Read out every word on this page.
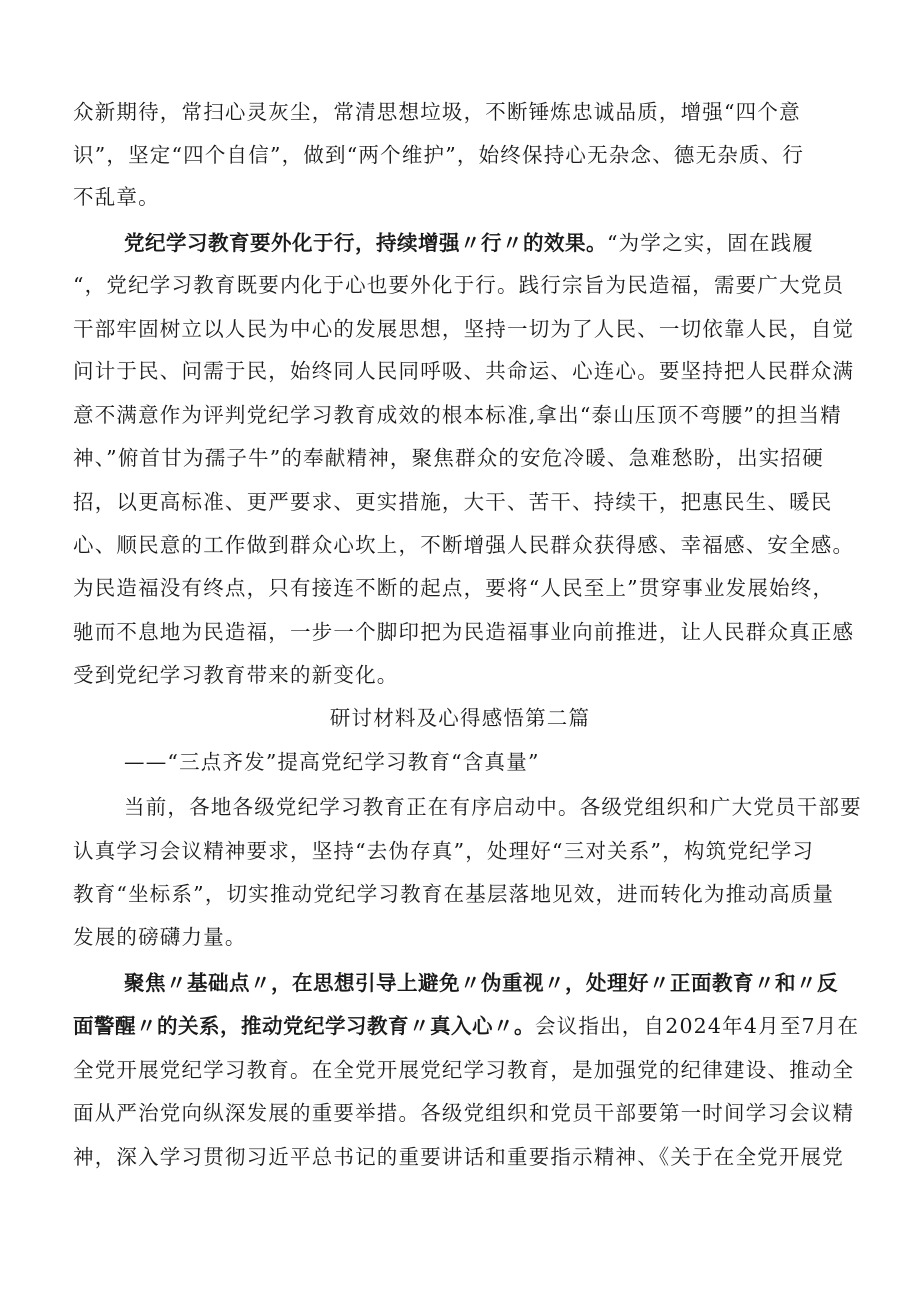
众新期待，常扫心灵灰尘，常清思想垃圾，不断锤炼忠诚品质，增强“四个意
识”，坚定“四个自信”，做到“两个维护”，始终保持心无杂念、德无杂质、行
不乱章。
党纪学习教育要外化于行，持续增强〃行〃的效果。“为学之实，固在践履
“，党纪学习教育既要内化于心也要外化于行。践行宗旨为民造福，需要广大党员
干部牢固树立以人民为中心的发展思想，坚持一切为了人民、一切依靠人民，自觉
问计于民、问需于民，始终同人民同呼吸、共命运、心连心。要坚持把人民群众满
意不满意作为评判党纪学习教育成效的根本标准,拿出“泰山压顶不弯腰”的担当精
神、”俯首甘为孺子牛”的奉献精神，聚焦群众的安危冷暖、急难愁盼，出实招硬
招，以更高标准、更严要求、更实措施，大干、苦干、持续干，把惠民生、暖民
心、顺民意的工作做到群众心坎上，不断增强人民群众获得感、幸福感、安全感。
为民造福没有终点，只有接连不断的起点，要将“人民至上”贯穿事业发展始终，
驰而不息地为民造福，一步一个脚印把为民造福事业向前推进，让人民群众真正感
受到党纪学习教育带来的新变化。
研讨材料及心得感悟第二篇
——“三点齐发”提高党纪学习教育“含真量”
当前，各地各级党纪学习教育正在有序启动中。各级党组织和广大党员干部要
认真学习会议精神要求，坚持“去伪存真”，处理好“三对关系”，构筑党纪学习
教育“坐标系”，切实推动党纪学习教育在基层落地见效，进而转化为推动高质量
发展的磅礴力量。
聚焦〃基础点〃，在思想引导上避免〃伪重视〃，处理好〃正面教育〃和〃反
面警醒〃的关系，推动党纪学习教育〃真入心〃。会议指出，自2024年4月至7月在
全党开展党纪学习教育。在全党开展党纪学习教育，是加强党的纪律建设、推动全
面从严治党向纵深发展的重要举措。各级党组织和党员干部要第一时间学习会议精
神，深入学习贯彻习近平总书记的重要讲话和重要指示精神、《关于在全党开展党
